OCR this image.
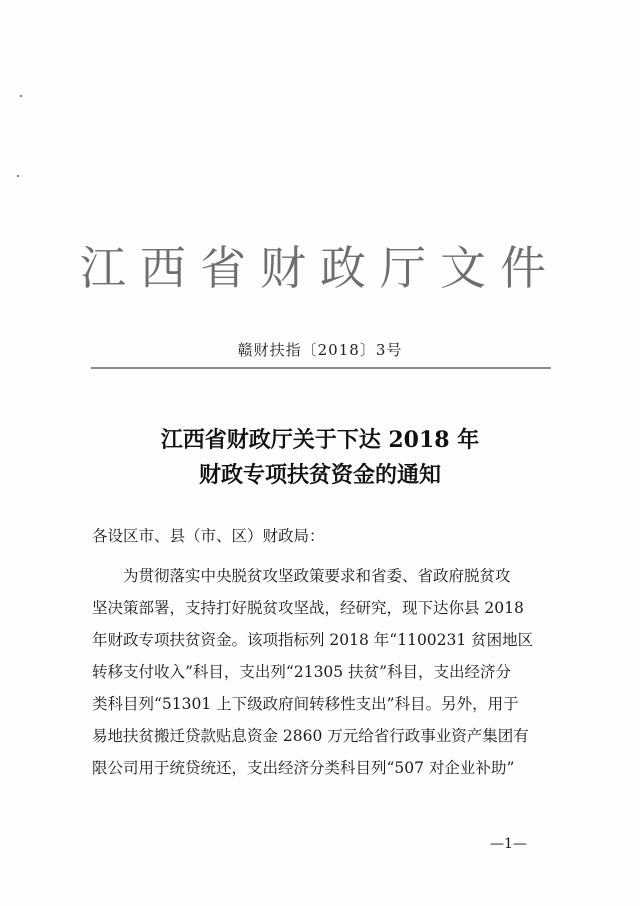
江西省财政厅文件
赣财扶指〔2018〕3号
江西省财政厅关于下达 2018 年
财政专项扶贫资金的通知
各设区市、县（市、区）财政局：
为贯彻落实中央脱贫攻坚政策要求和省委、省政府脱贫攻
坚决策部署，支持打好脱贫攻坚战，经研究，现下达你县 2018
年财政专项扶贫资金。该项指标列 2018 年“1100231 贫困地区
转移支付收入”科目，支出列“21305 扶贫”科目，支出经济分
类科目列“51301 上下级政府间转移性支出”科目。另外，用于
易地扶贫搬迁贷款贴息资金 2860 万元给省行政事业资产集团有
限公司用于统贷统还，支出经济分类科目列“507 对企业补助”
—1—
